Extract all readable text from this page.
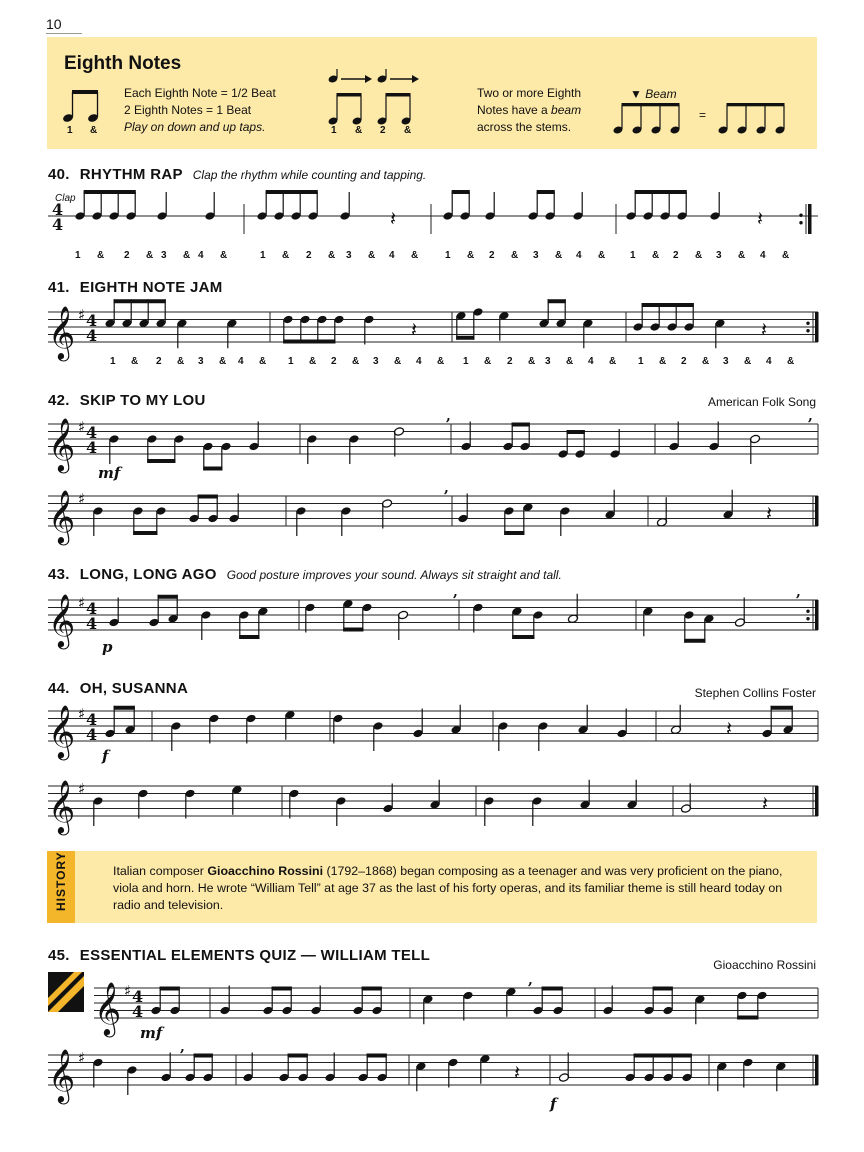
10
Eighth Notes
1 &
Each Eighth Note = 1/2 Beat
2 Eighth Notes = 1 Beat
Play on down and up taps.	1 & 2 &
Two or more Eighth
Notes have a beam
across the stems.
▼ Beam
=
40. RHYTHM RAP Clap the rhythm while counting and tapping.
Clap
41. EIGHTH NOTE JAM
42. SKIP TO MY LOU	American Folk Song
43. LONG, LONG AGO Good posture improves your sound. Always sit straight and tall.
44. OH, SUSANNA	Stephen Collins Foster
45. ESSENTIAL ELEMENTS QUIZ — WILLIAM TELL
Gioacchino Rossini
4
4	𝄽	𝄽
1 & 2 & 3 & 4 &	1 & 2 & 3 & 4 &	1 & 2 & 3 & 4 & 1 & 2 & 3 & 4 &
𝄞 ♯ 4
4	𝄽	𝄽
1 & 2 & 3 & 4 & 1 & 2 & 3 & 4 & 1 & 2 & 3 & 4 & 1 & 2 & 3 & 4 &
𝄞 ♯ 4
4
,	,
mf
𝄞 ♯
,
𝄽
𝄞 ♯ 4
4
,	,
p
𝄞 ♯ 4
4	𝄽
f
𝄞 ♯
𝄽
𝄞 ♯ 4
4
,
mf
𝄞 ♯
,
𝄽
f
HISTORY	Italian composer Gioacchino Rossini (1792–1868) began composing as a teenager and was very proficient on the piano, viola and horn. He wrote “William Tell” at age 37 as the last of his forty operas, and its familiar theme is still heard today on radio and television.
